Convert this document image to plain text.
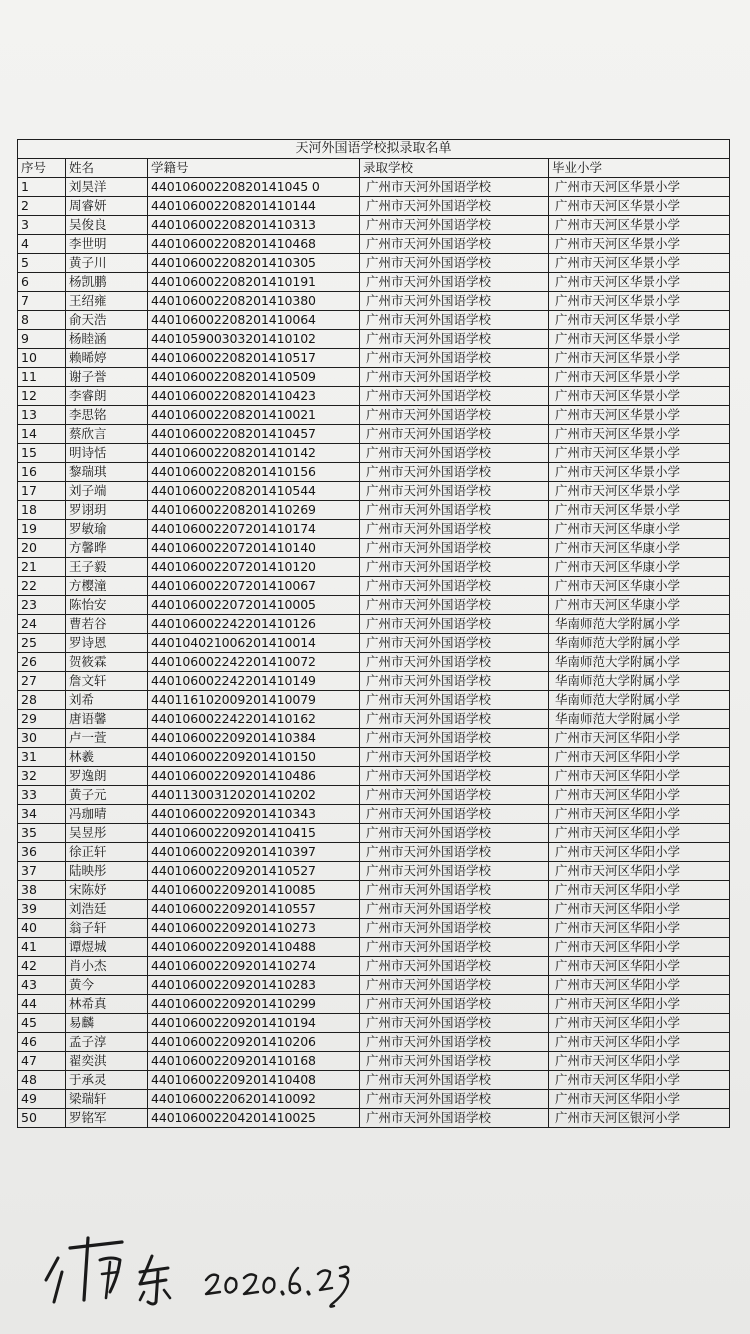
天河外国语学校拟录取名单				
序号	姓名	学籍号	录取学校	毕业小学
1	刘昊洋	44010600220820141045 0	广州市天河外国语学校	广州市天河区华景小学
2	周睿妍	440106002208201410144	广州市天河外国语学校	广州市天河区华景小学
3	吴俊良	440106002208201410313	广州市天河外国语学校	广州市天河区华景小学
4	李世明	440106002208201410468	广州市天河外国语学校	广州市天河区华景小学
5	黄子川	440106002208201410305	广州市天河外国语学校	广州市天河区华景小学
6	杨凯鹏	440106002208201410191	广州市天河外国语学校	广州市天河区华景小学
7	王绍雍	440106002208201410380	广州市天河外国语学校	广州市天河区华景小学
8	俞天浩	440106002208201410064	广州市天河外国语学校	广州市天河区华景小学
9	杨睦涵	440105900303201410102	广州市天河外国语学校	广州市天河区华景小学
10	赖晞婷	440106002208201410517	广州市天河外国语学校	广州市天河区华景小学
11	谢子誉	440106002208201410509	广州市天河外国语学校	广州市天河区华景小学
12	李睿朗	440106002208201410423	广州市天河外国语学校	广州市天河区华景小学
13	李思铭	440106002208201410021	广州市天河外国语学校	广州市天河区华景小学
14	蔡欣言	440106002208201410457	广州市天河外国语学校	广州市天河区华景小学
15	明诗恬	440106002208201410142	广州市天河外国语学校	广州市天河区华景小学
16	黎瑞琪	440106002208201410156	广州市天河外国语学校	广州市天河区华景小学
17	刘子端	440106002208201410544	广州市天河外国语学校	广州市天河区华景小学
18	罗诩玥	440106002208201410269	广州市天河外国语学校	广州市天河区华景小学
19	罗敏瑜	440106002207201410174	广州市天河外国语学校	广州市天河区华康小学
20	方馨晔	440106002207201410140	广州市天河外国语学校	广州市天河区华康小学
21	王子毅	440106002207201410120	广州市天河外国语学校	广州市天河区华康小学
22	方樱潼	440106002207201410067	广州市天河外国语学校	广州市天河区华康小学
23	陈怡安	440106002207201410005	广州市天河外国语学校	广州市天河区华康小学
24	曹若谷	440106002242201410126	广州市天河外国语学校	华南师范大学附属小学
25	罗诗恩	440104021006201410014	广州市天河外国语学校	华南师范大学附属小学
26	贺筱霖	440106002242201410072	广州市天河外国语学校	华南师范大学附属小学
27	詹文轩	440106002242201410149	广州市天河外国语学校	华南师范大学附属小学
28	刘希	440116102009201410079	广州市天河外国语学校	华南师范大学附属小学
29	唐语馨	440106002242201410162	广州市天河外国语学校	华南师范大学附属小学
30	卢一萱	440106002209201410384	广州市天河外国语学校	广州市天河区华阳小学
31	林羲	440106002209201410150	广州市天河外国语学校	广州市天河区华阳小学
32	罗逸朗	440106002209201410486	广州市天河外国语学校	广州市天河区华阳小学
33	黄子元	440113003120201410202	广州市天河外国语学校	广州市天河区华阳小学
34	冯珈晴	440106002209201410343	广州市天河外国语学校	广州市天河区华阳小学
35	吴昱彤	440106002209201410415	广州市天河外国语学校	广州市天河区华阳小学
36	徐正轩	440106002209201410397	广州市天河外国语学校	广州市天河区华阳小学
37	陆映彤	440106002209201410527	广州市天河外国语学校	广州市天河区华阳小学
38	宋陈妤	440106002209201410085	广州市天河外国语学校	广州市天河区华阳小学
39	刘浩廷	440106002209201410557	广州市天河外国语学校	广州市天河区华阳小学
40	翁子轩	440106002209201410273	广州市天河外国语学校	广州市天河区华阳小学
41	谭煜城	440106002209201410488	广州市天河外国语学校	广州市天河区华阳小学
42	肖小杰	440106002209201410274	广州市天河外国语学校	广州市天河区华阳小学
43	黄今	440106002209201410283	广州市天河外国语学校	广州市天河区华阳小学
44	林希真	440106002209201410299	广州市天河外国语学校	广州市天河区华阳小学
45	易麟	440106002209201410194	广州市天河外国语学校	广州市天河区华阳小学
46	孟子淳	440106002209201410206	广州市天河外国语学校	广州市天河区华阳小学
47	翟奕淇	440106002209201410168	广州市天河外国语学校	广州市天河区华阳小学
48	于承灵	440106002209201410408	广州市天河外国语学校	广州市天河区华阳小学
49	梁瑞轩	440106002206201410092	广州市天河外国语学校	广州市天河区华阳小学
50	罗铭军	440106002204201410025	广州市天河外国语学校	广州市天河区银河小学
